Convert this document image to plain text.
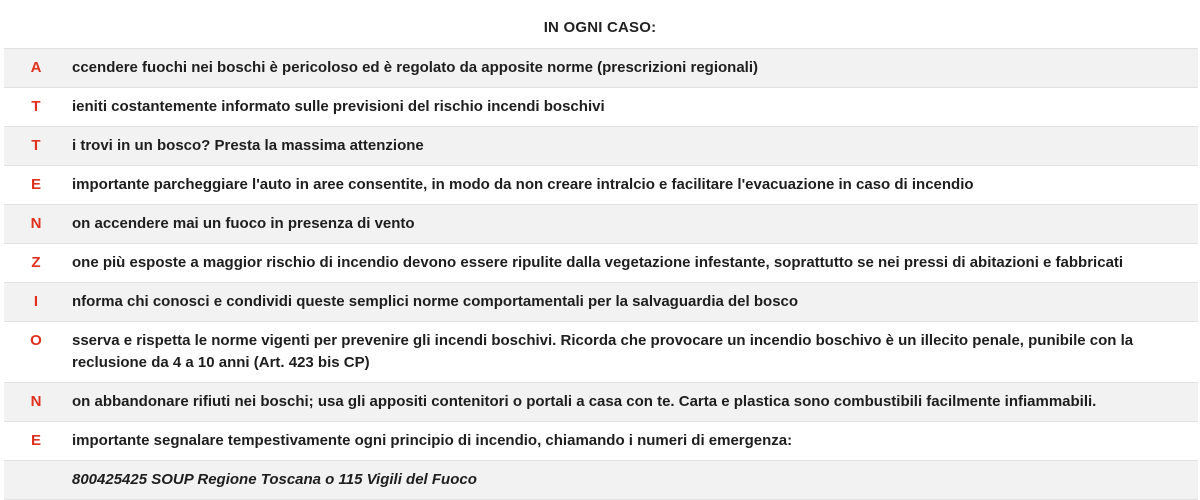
IN OGNI CASO:
A	ccendere fuochi nei boschi è pericoloso ed è regolato da apposite norme (prescrizioni regionali)
T	ieniti costantemente informato sulle previsioni del rischio incendi boschivi
T	i trovi in un bosco? Presta la massima attenzione
E	importante parcheggiare l'auto in aree consentite, in modo da non creare intralcio e facilitare l'evacuazione in caso di incendio
N	on accendere mai un fuoco in presenza di vento
Z	one più esposte a maggior rischio di incendio devono essere ripulite dalla vegetazione infestante, soprattutto se nei pressi di abitazioni e fabbricati
I	nforma chi conosci e condividi queste semplici norme comportamentali per la salvaguardia del bosco
O	sserva e rispetta le norme vigenti per prevenire gli incendi boschivi. Ricorda che provocare un incendio boschivo è un illecito penale, punibile con la reclusione da 4 a 10 anni (Art. 423 bis CP)
N	on abbandonare rifiuti nei boschi; usa gli appositi contenitori o portali a casa con te. Carta e plastica sono combustibili facilmente infiammabili.
E	importante segnalare tempestivamente ogni principio di incendio, chiamando i numeri di emergenza:
	800425425 SOUP Regione Toscana o 115 Vigili del Fuoco
